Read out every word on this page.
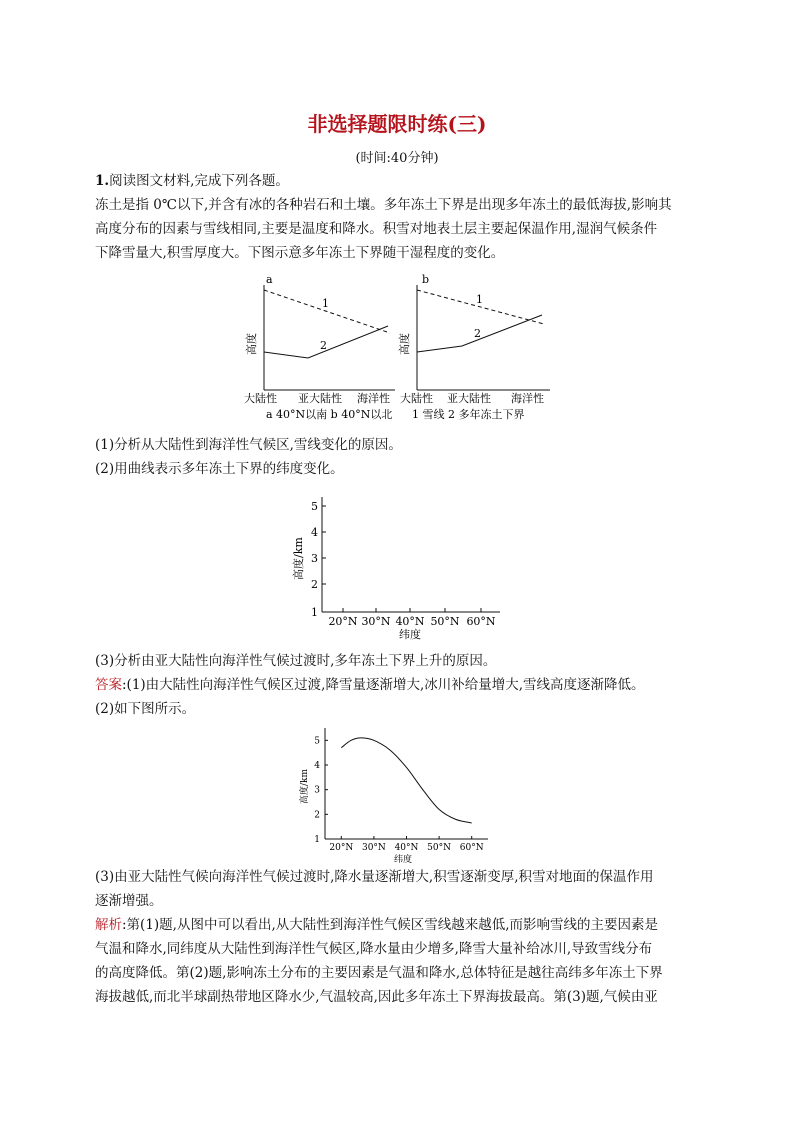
非选择题限时练(三)
(时间:40分钟)
1.阅读图文材料,完成下列各题。
冻土是指 0℃以下,并含有冰的各种岩石和土壤。多年冻土下界是出现多年冻土的最低海拔,影响其
高度分布的因素与雪线相同,主要是温度和降水。积雪对地表土层主要起保温作用,湿润气候条件
下降雪量大,积雪厚度大。下图示意多年冻土下界随干湿程度的变化。
a	b
1
2
1
2
高度	高度
大陆性 亚大陆性 海洋性 大陆性 亚大陆性 海洋性
a 40°N以南 b 40°N以北 1 雪线 2 多年冻土下界
(1)分析从大陆性到海洋性气候区,雪线变化的原因。
(2)用曲线表示多年冻土下界的纬度变化。
5
4
3
2
1
高度/km
20°N 30°N 40°N 50°N 60°N
纬度
(3)分析由亚大陆性向海洋性气候过渡时,多年冻土下界上升的原因。
答案:(1)由大陆性向海洋性气候区过渡,降雪量逐渐增大,冰川补给量增大,雪线高度逐渐降低。
(2)如下图所示。
1
2
3
4
5
20°N 30°N 40°N 50°N 60°N
高度/km
纬度
(3)由亚大陆性气候向海洋性气候过渡时,降水量逐渐增大,积雪逐渐变厚,积雪对地面的保温作用
逐渐增强。
解析:第(1)题,从图中可以看出,从大陆性到海洋性气候区雪线越来越低,而影响雪线的主要因素是
气温和降水,同纬度从大陆性到海洋性气候区,降水量由少增多,降雪大量补给冰川,导致雪线分布
的高度降低。第(2)题,影响冻土分布的主要因素是气温和降水,总体特征是越往高纬多年冻土下界
海拔越低,而北半球副热带地区降水少,气温较高,因此多年冻土下界海拔最高。第(3)题,气候由亚
